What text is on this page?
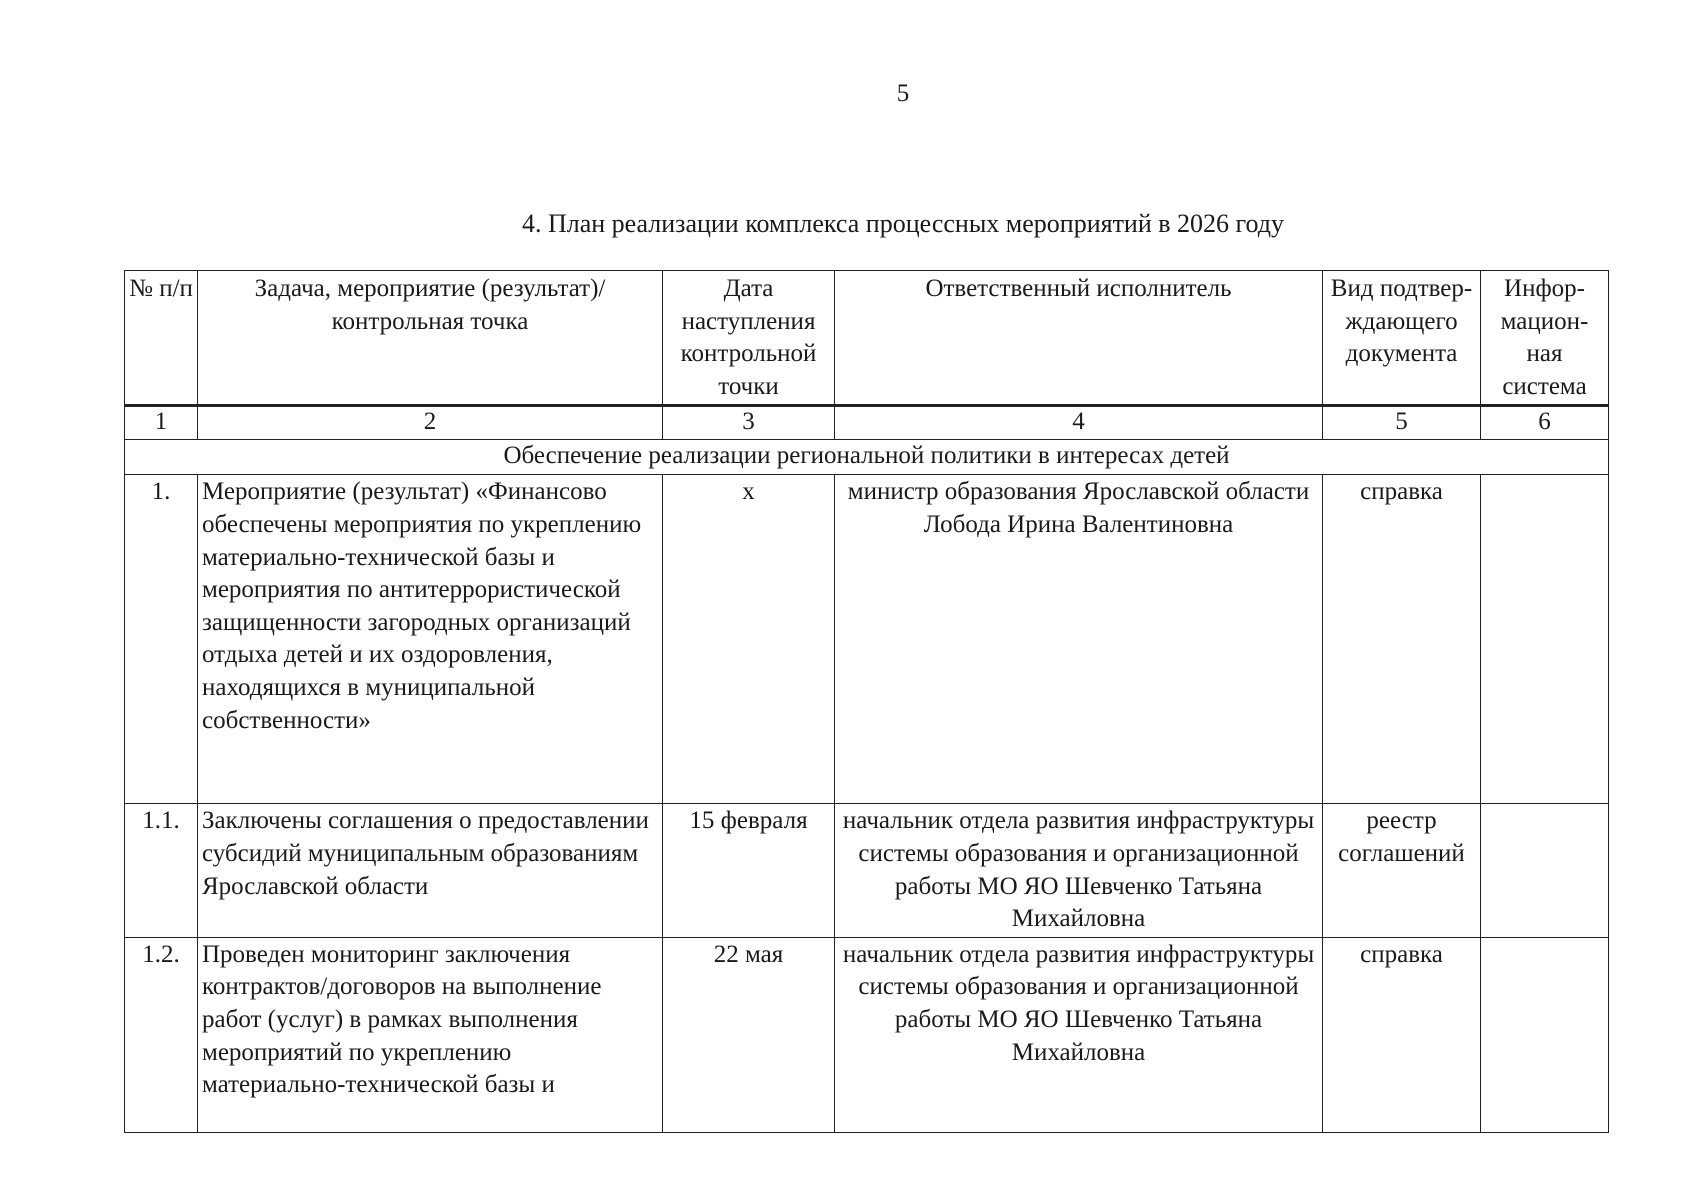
5
4. План реализации комплекса процессных мероприятий в 2026 году
№ п/п	Задача, мероприятие (результат)/ контрольная точка	Дата наступления контрольной точки	Ответственный исполнитель	Вид подтвер-ждающего документа	Инфор-мацион-ная система
1	2	3	4	5	6
Обеспечение реализации региональной политики в интересах детей					
1.	Мероприятие (результат) «Финансово обеспечены мероприятия по укреплению материально-технической базы и мероприятия по антитеррористической защищенности загородных организаций отдыха детей и их оздоровления, находящихся в муниципальной собственности»	х	министр образования Ярославской области Лобода Ирина Валентиновна	справка	
1.1.	Заключены соглашения о предоставлении субсидий муниципальным образованиям Ярославской области	15 февраля	начальник отдела развития инфраструктуры системы образования и организационной работы МО ЯО Шевченко Татьяна Михайловна	реестр соглашений	
1.2.	Проведен мониторинг заключения контрактов/договоров на выполнение работ (услуг) в рамках выполнения мероприятий по укреплению материально-технической базы и	22 мая	начальник отдела развития инфраструктуры системы образования и организационной работы МО ЯО Шевченко Татьяна Михайловна	справка	
